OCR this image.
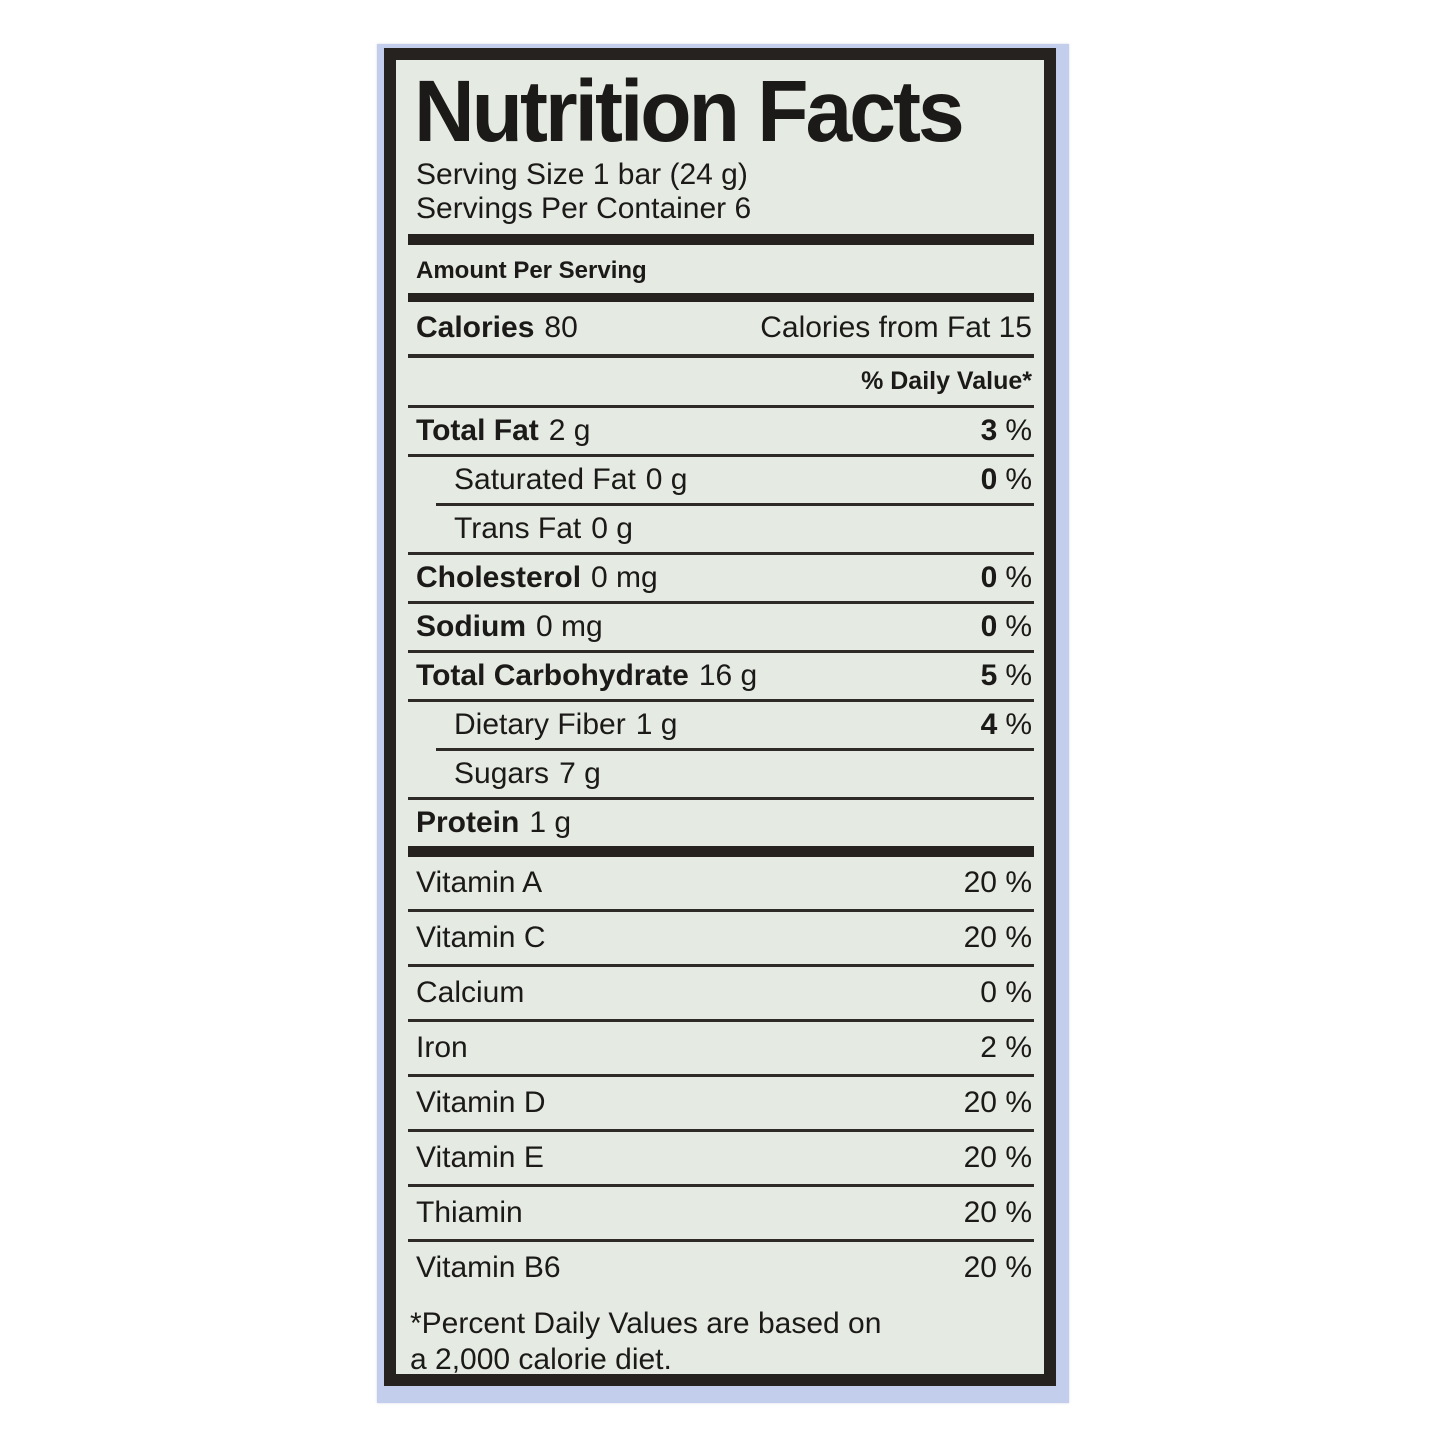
Nutrition Facts
Serving Size 1 bar (24 g)
Servings Per Container 6
Amount Per Serving
Calories 80	Calories from Fat 15
% Daily Value*
Total Fat 2 g	3 %
Saturated Fat 0 g	0 %
Trans Fat 0 g
Cholesterol 0 mg	0 %
Sodium 0 mg	0 %
Total Carbohydrate 16 g	5 %
Dietary Fiber 1 g	4 %
Sugars 7 g
Protein 1 g
Vitamin A	20 %
Vitamin C	20 %
Calcium	0 %
Iron	2 %
Vitamin D	20 %
Vitamin E	20 %
Thiamin	20 %
Vitamin B6	20 %
*Percent Daily Values are based on
a 2,000 calorie diet.
